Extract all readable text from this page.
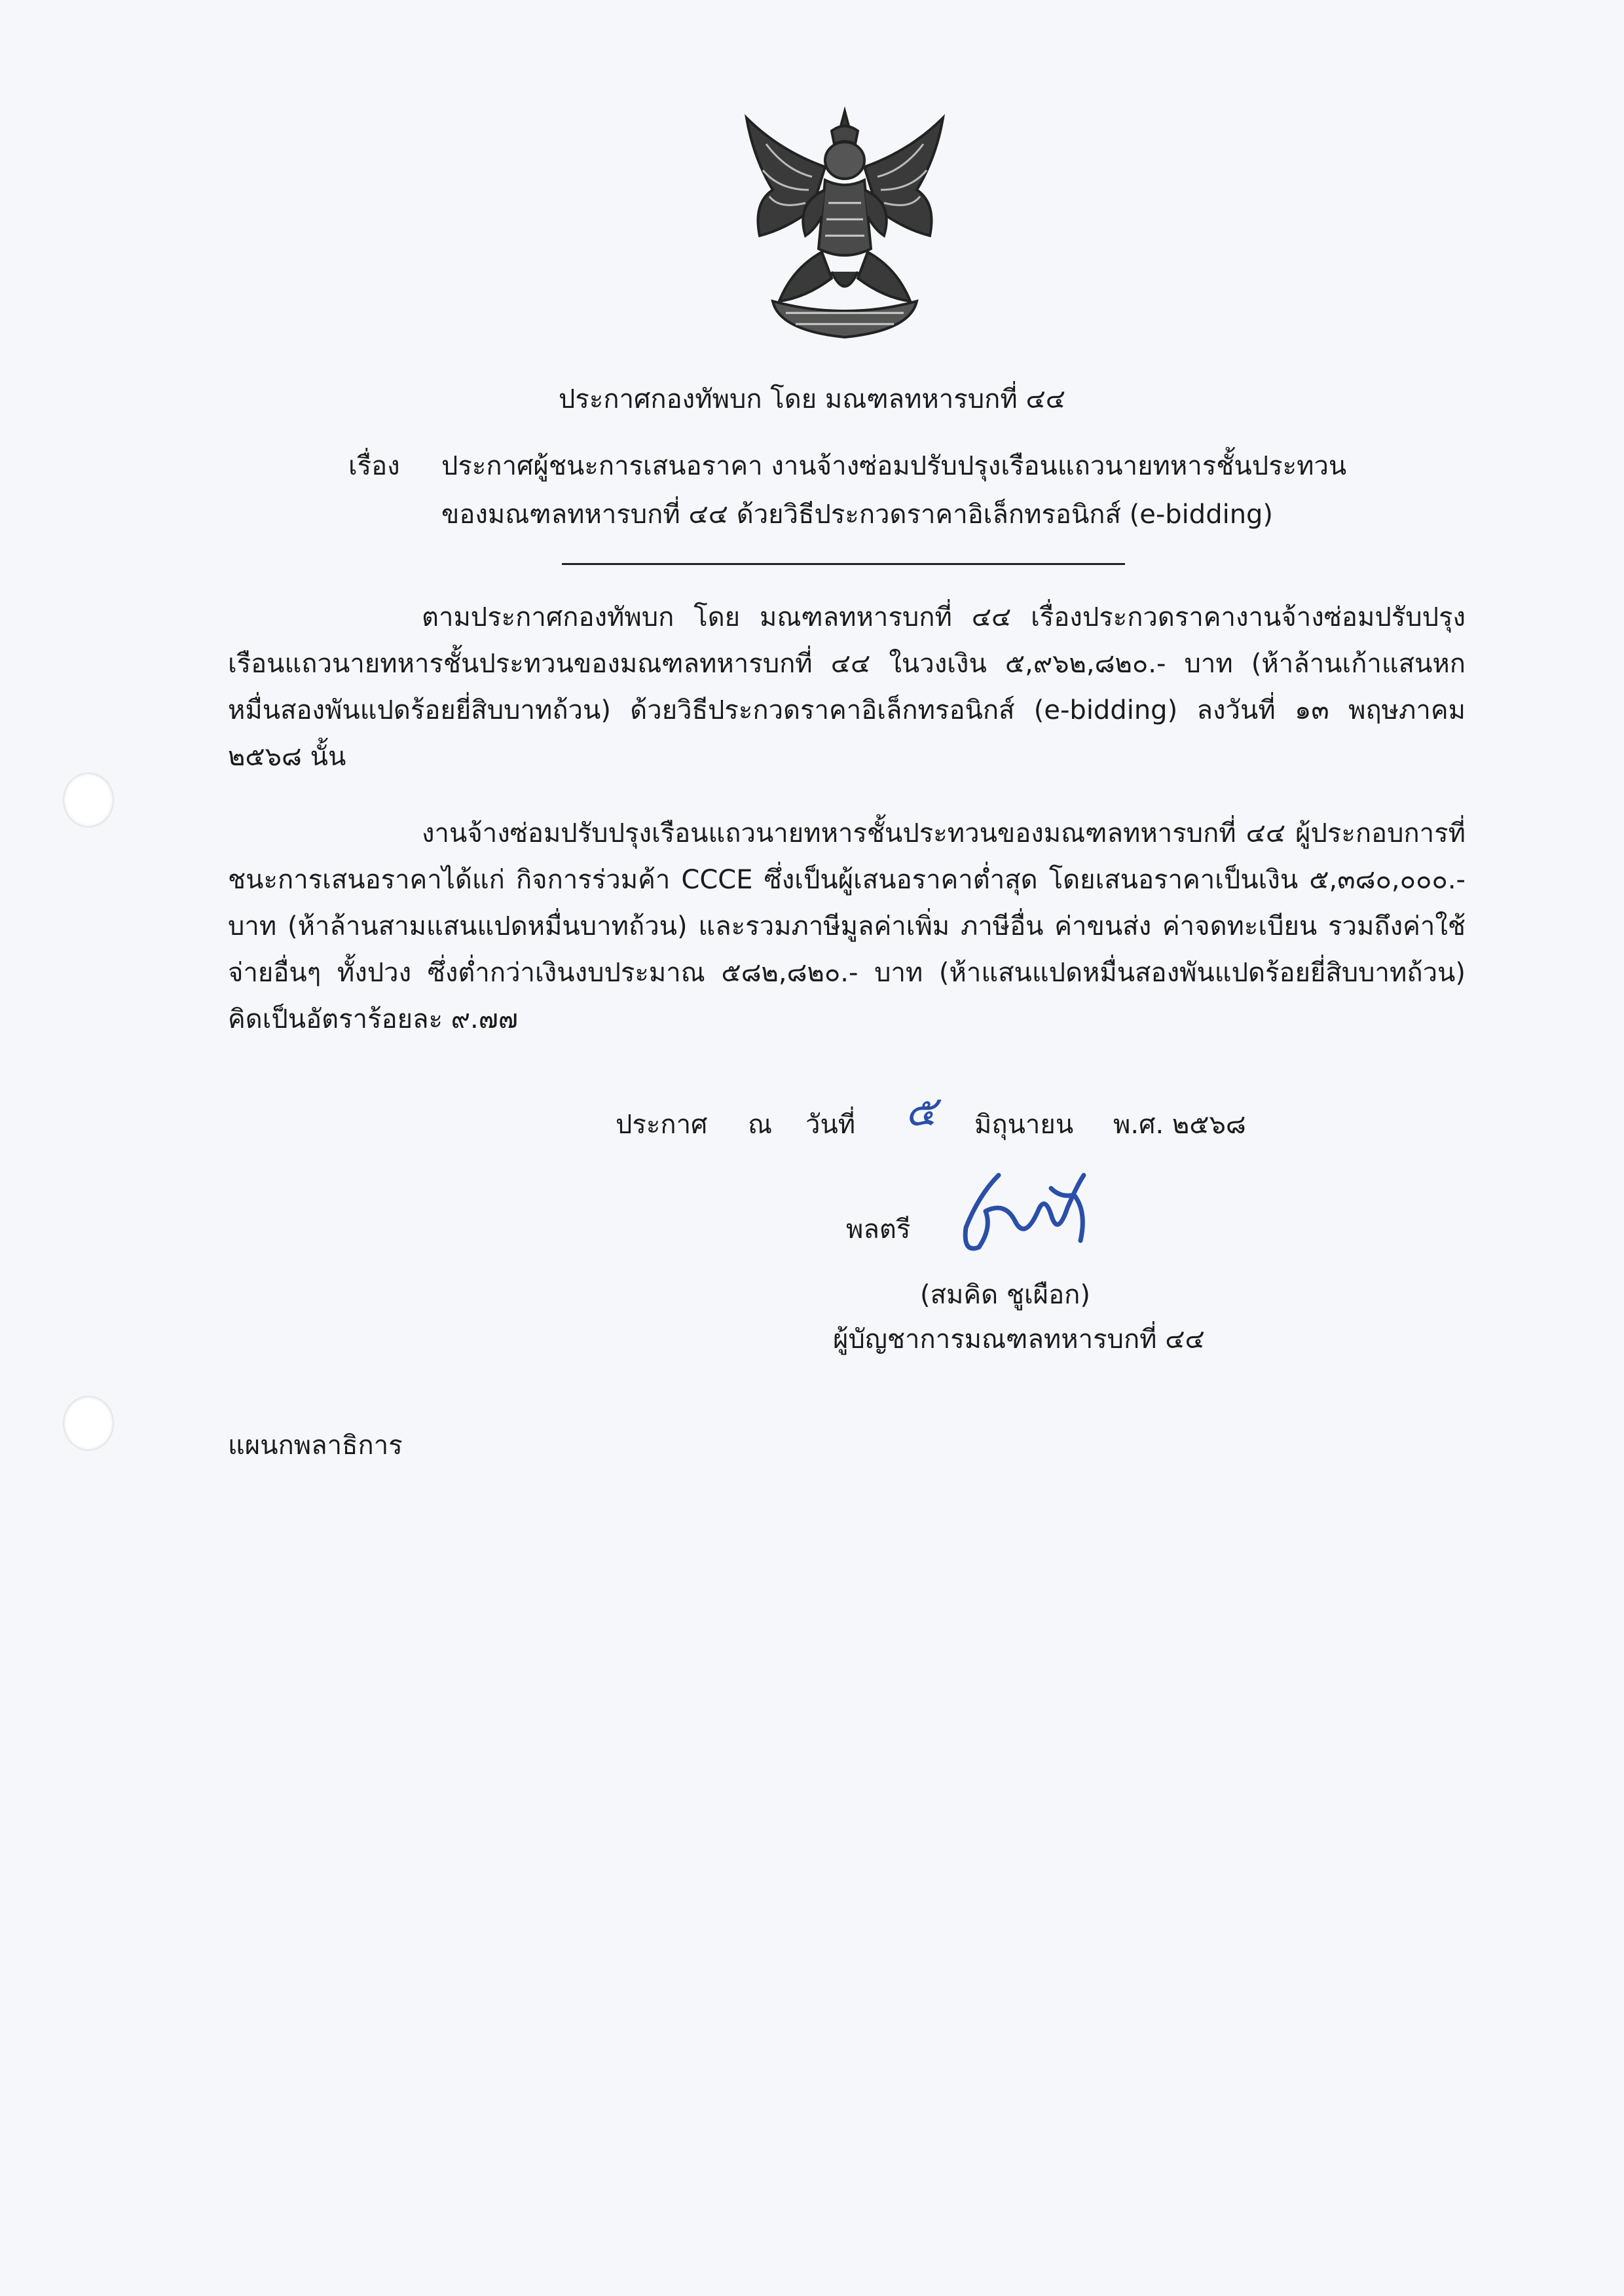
ประกาศกองทัพบก โดย มณฑลทหารบกที่ ๔๔
เรื่อง ประกาศผู้ชนะการเสนอราคา งานจ้างซ่อมปรับปรุงเรือนแถวนายทหารชั้นประทวน
ของมณฑลทหารบกที่ ๔๔ ด้วยวิธีประกวดราคาอิเล็กทรอนิกส์ (e-bidding)

ตามประกาศกองทัพบก โดย มณฑลทหารบกที่ ๔๔ เรื่องประกวดราคางานจ้างซ่อมปรับปรุงเรือนแถวนายทหารชั้นประทวนของมณฑลทหารบกที่ ๔๔ ในวงเงิน ๕,๙๖๒,๘๒๐.- บาท (ห้าล้านเก้าแสนหกหมื่นสองพันแปดร้อยยี่สิบบาทถ้วน) ด้วยวิธีประกวดราคาอิเล็กทรอนิกส์ (e-bidding) ลงวันที่ ๑๓ พฤษภาคม ๒๕๖๘ นั้น

งานจ้างซ่อมปรับปรุงเรือนแถวนายทหารชั้นประทวนของมณฑลทหารบกที่ ๔๔ ผู้ประกอบการที่ชนะการเสนอราคาได้แก่ กิจการร่วมค้า CCCE ซึ่งเป็นผู้เสนอราคาต่ำสุด โดยเสนอราคาเป็นเงิน ๕,๓๘๐,๐๐๐.- บาท (ห้าล้านสามแสนแปดหมื่นบาทถ้วน) และรวมภาษีมูลค่าเพิ่ม ภาษีอื่น ค่าขนส่ง ค่าจดทะเบียน รวมถึงค่าใช้จ่ายอื่นๆ ทั้งปวง ซึ่งต่ำกว่าเงินงบประมาณ ๕๘๒,๘๒๐.- บาท (ห้าแสนแปดหมื่นสองพันแปดร้อยยี่สิบบาทถ้วน) คิดเป็นอัตราร้อยละ ๙.๗๗

ประกาศ ณ วันที่ ๕ มิถุนายน พ.ศ. ๒๕๖๘
พลตรี
(สมคิด ชูเผือก)
ผู้บัญชาการมณฑลทหารบกที่ ๔๔
แผนกพลาธิการ
